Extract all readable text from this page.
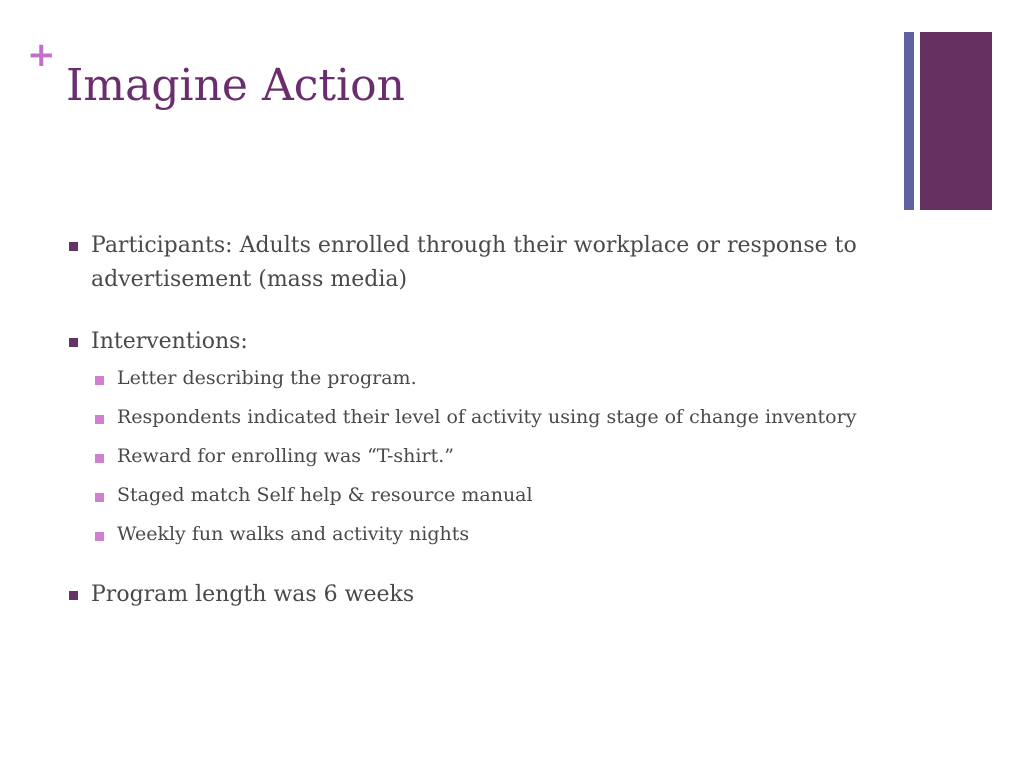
+
Imagine Action

Participants: Adults enrolled through their workplace or response to advertisement (mass media)

Interventions:

Letter describing the program.
Respondents indicated their level of activity using stage of change inventory
Reward for enrolling was “T-shirt.”
Staged match Self help & resource manual
Weekly fun walks and activity nights

Program length was 6 weeks
